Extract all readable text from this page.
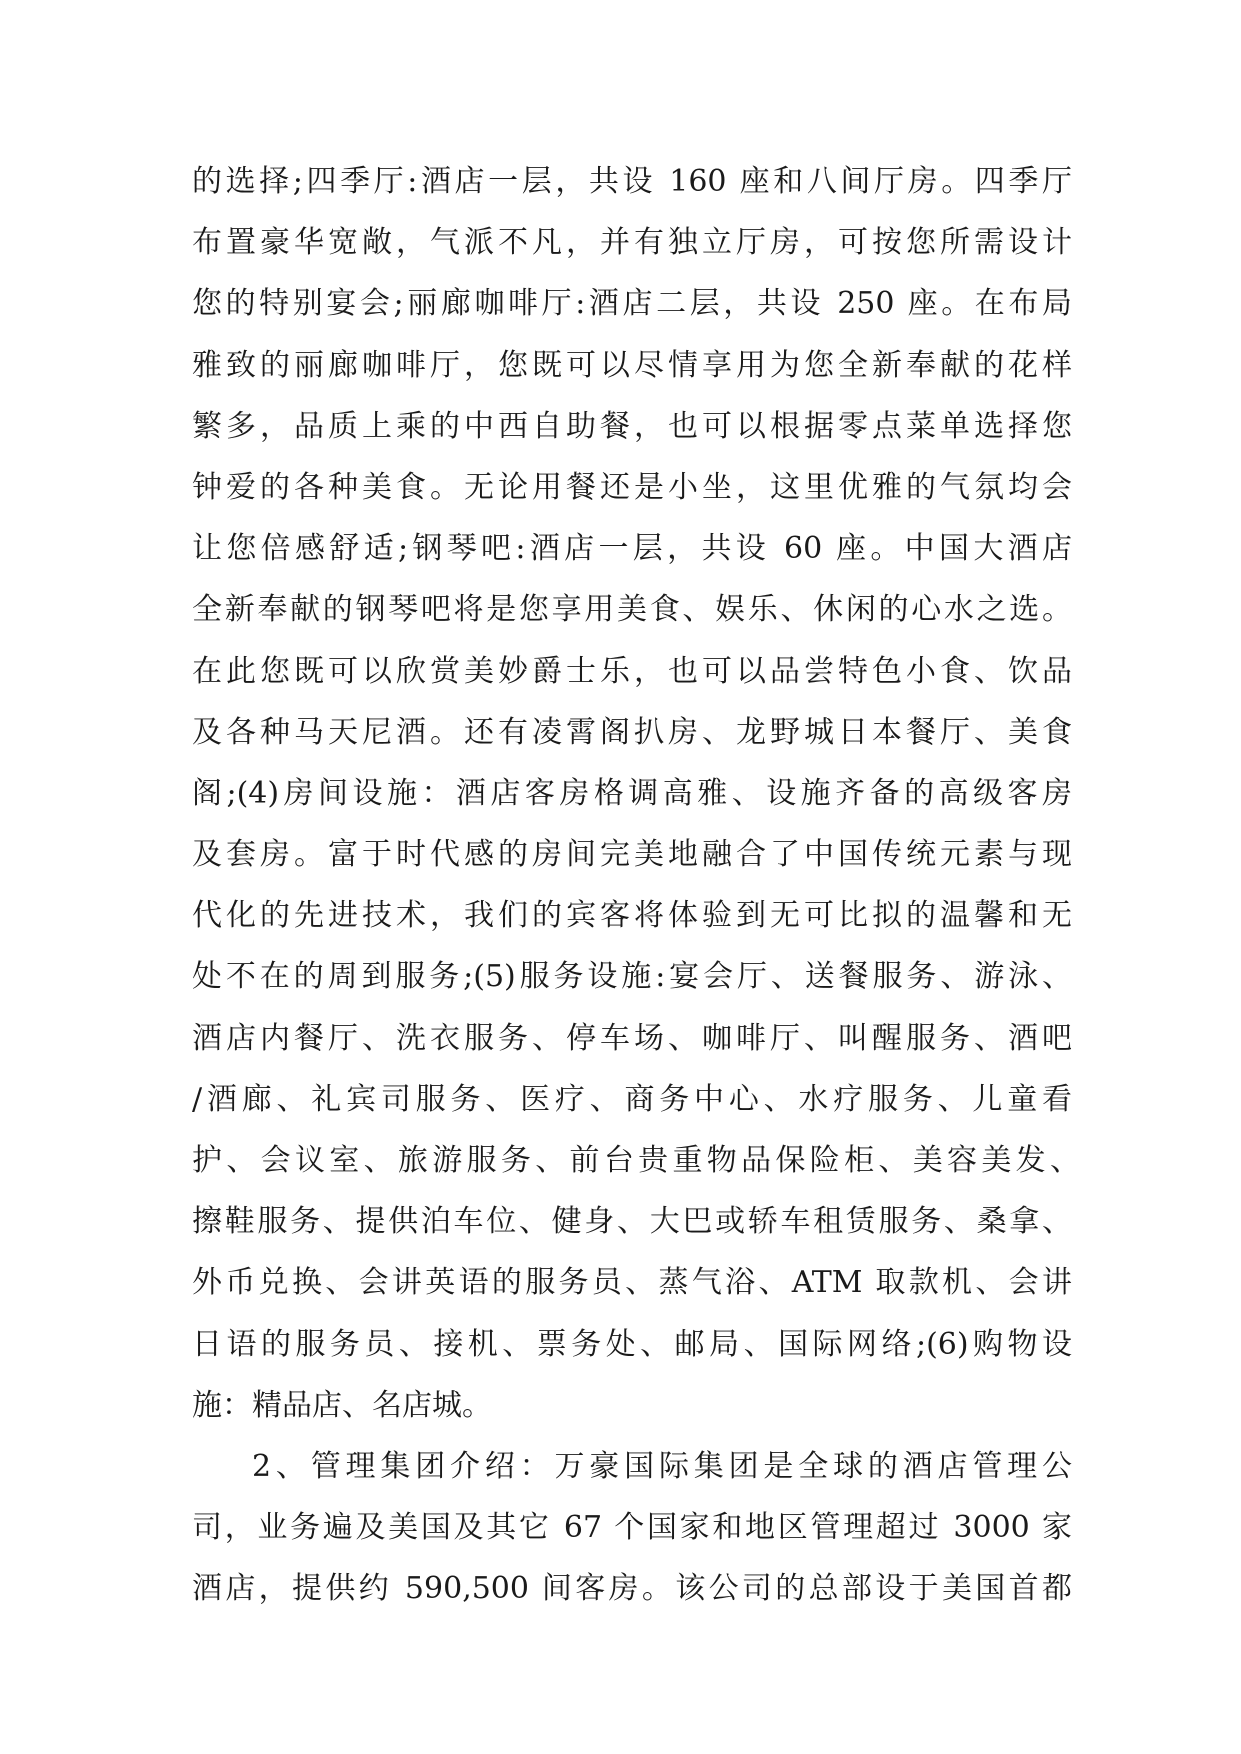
的选择;四季厅:酒店一层，共设 160 座和八间厅房。四季厅
布置豪华宽敞，气派不凡，并有独立厅房，可按您所需设计
您的特别宴会;丽廊咖啡厅:酒店二层，共设 250 座。在布局
雅致的丽廊咖啡厅，您既可以尽情享用为您全新奉献的花样
繁多，品质上乘的中西自助餐，也可以根据零点菜单选择您
钟爱的各种美食。无论用餐还是小坐，这里优雅的气氛均会
让您倍感舒适;钢琴吧:酒店一层，共设 60 座。中国大酒店
全新奉献的钢琴吧将是您享用美食、娱乐、休闲的心水之选。
在此您既可以欣赏美妙爵士乐，也可以品尝特色小食、饮品
及各种马天尼酒。还有凌霄阁扒房、龙野城日本餐厅、美食
阁;(4)房间设施：酒店客房格调高雅、设施齐备的高级客房
及套房。富于时代感的房间完美地融合了中国传统元素与现
代化的先进技术，我们的宾客将体验到无可比拟的温馨和无
处不在的周到服务;(5)服务设施:宴会厅、送餐服务、游泳、
酒店内餐厅、洗衣服务、停车场、咖啡厅、叫醒服务、酒吧
/酒廊、礼宾司服务、医疗、商务中心、水疗服务、儿童看
护、会议室、旅游服务、前台贵重物品保险柜、美容美发、
擦鞋服务、提供泊车位、健身、大巴或轿车租赁服务、桑拿、
外币兑换、会讲英语的服务员、蒸气浴、ATM 取款机、会讲
日语的服务员、接机、票务处、邮局、国际网络;(6)购物设
施：精品店、名店城。
2、管理集团介绍：万豪国际集团是全球的酒店管理公
司，业务遍及美国及其它 67 个国家和地区管理超过 3000 家
酒店，提供约 590,500 间客房。该公司的总部设于美国首都
